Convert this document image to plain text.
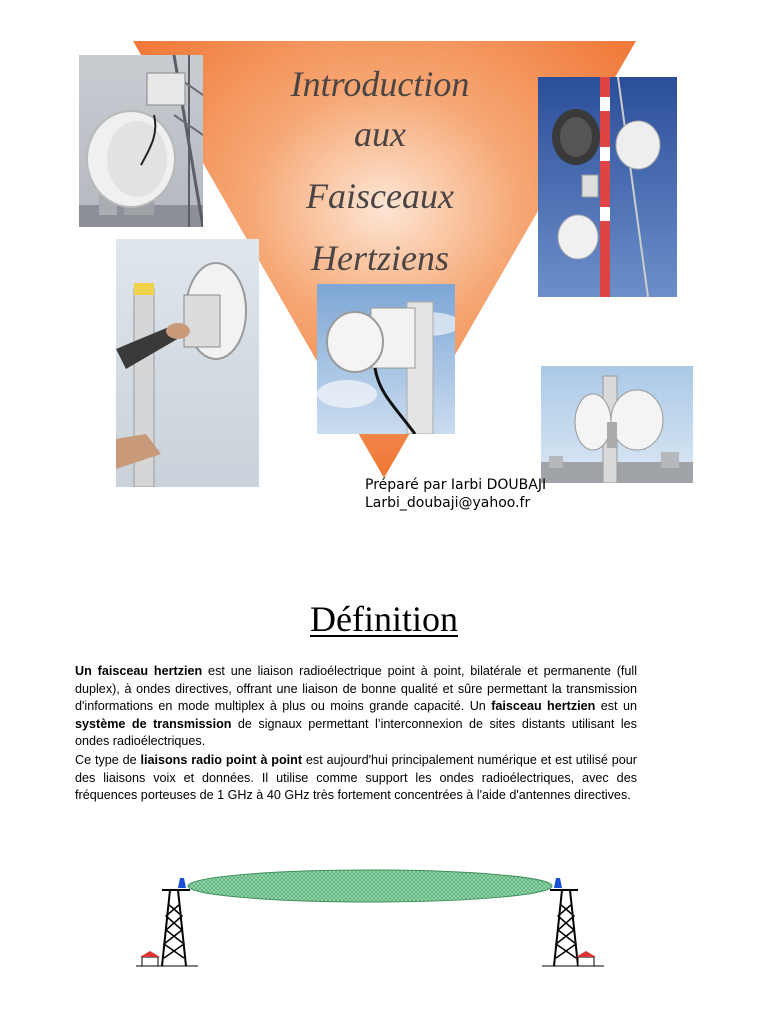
Introduction
aux
Faisceaux
Hertziens
Préparé par Iarbi DOUBAJI
Larbi_doubaji@yahoo.fr
Définition
Un faisceau hertzien est une liaison radioélectrique point à point, bilatérale et permanente (full duplex), à ondes directives, offrant une liaison de bonne qualité et sûre permettant la transmission d'informations en mode multiplex à plus ou moins grande capacité. Un faisceau hertzien est un système de transmission de signaux permettant l’interconnexion de sites distants utilisant les ondes radioélectriques.
Ce type de liaisons radio point à point est aujourd'hui principalement numérique et est utilisé pour des liaisons voix et données. Il utilise comme support les ondes radioélectriques, avec des fréquences porteuses de 1 GHz à 40 GHz très fortement concentrées à l'aide d'antennes directives.
